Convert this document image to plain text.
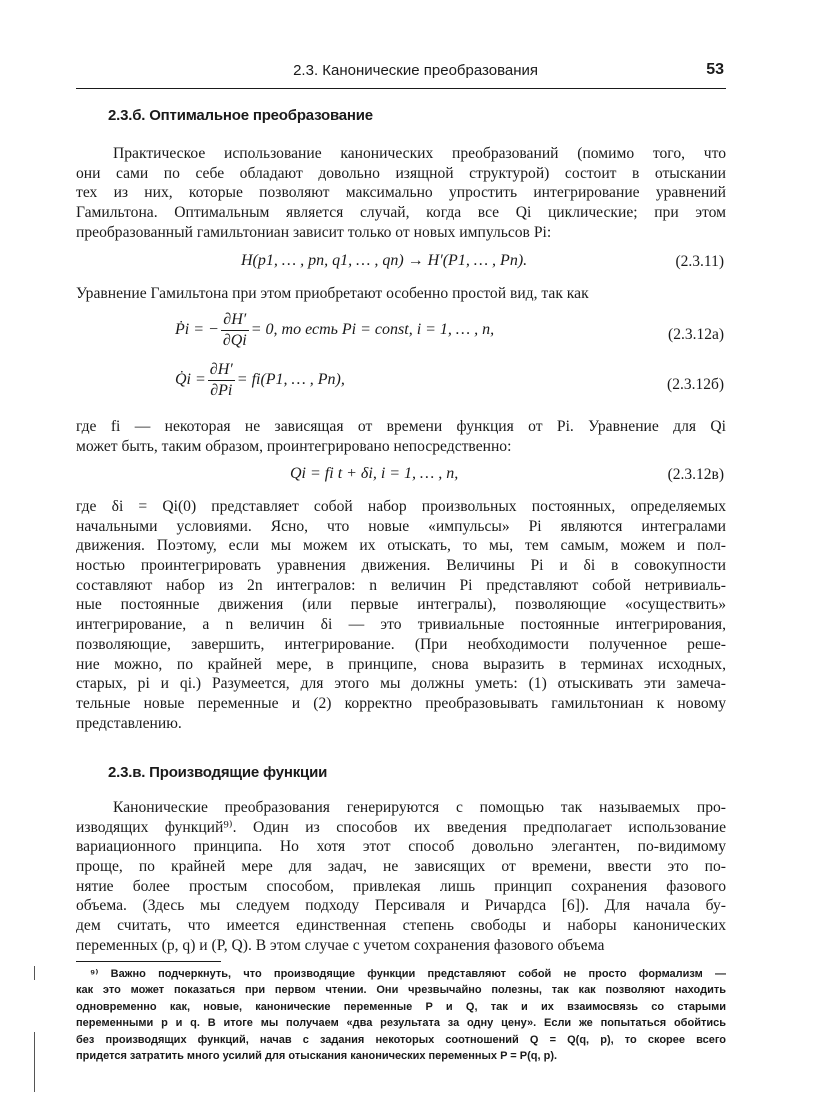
2.3. Канонические преобразования	53
2.3.б. Оптимальное преобразование
Практическое использование канонических преобразований (помимо того, что
они сами по себе обладают довольно изящной структурой) состоит в отыскании
тех из них, которые позволяют максимально упростить интегрирование уравнений
Гамильтона. Оптимальным является случай, когда все Qi циклические; при этом
преобразованный гамильтониан зависит только от новых импульсов Pi:
H(p1, … , pn, q1, … , qn) → H′(P1, … , Pn).	(2.3.11)
Уравнение Гамильтона при этом приобретают особенно простой вид, так как
Ṗi = − $\frac{\partial H'}{\partial Qi} = 0$, то есть Pi = const, i = 1, … , n,	(2.3.12а)
Q̇i = $\frac{\partial H'}{\partial Pi} = fi(P1$, … , Pn),	(2.3.12б)
где fi — некоторая не зависящая от времени функция от Pi. Уравнение для Qi
может быть, таким образом, проинтегрировано непосредственно:
Qi = fi t + δi, i = 1, … , n,	(2.3.12в)
где δi = Qi(0) представляет собой набор произвольных постоянных, определяемых
начальными условиями. Ясно, что новые «импульсы» Pi являются интегралами
движения. Поэтому, если мы можем их отыскать, то мы, тем самым, можем и пол-
ностью проинтегрировать уравнения движения. Величины Pi и δi в совокупности
составляют набор из 2n интегралов: n величин Pi представляют собой нетривиаль-
ные постоянные движения (или первые интегралы), позволяющие «осуществить»
интегрирование, а n величин δi — это тривиальные постоянные интегрирования,
позволяющие, завершить, интегрирование. (При необходимости полученное реше-
ние можно, по крайней мере, в принципе, снова выразить в терминах исходных,
старых, pi и qi.) Разумеется, для этого мы должны уметь: (1) отыскивать эти замеча-
тельные новые переменные и (2) корректно преобразовывать гамильтониан к новому
представлению.
2.3.в. Производящие функции
Канонические преобразования генерируются с помощью так называемых про-
изводящих функций⁹⁾. Один из способов их введения предполагает использование
вариационного принципа. Но хотя этот способ довольно элегантен, по-видимому
проще, по крайней мере для задач, не зависящих от времени, ввести это по-
нятие более простым способом, привлекая лишь принцип сохранения фазового
объема. (Здесь мы следуем подходу Персиваля и Ричардса [6]). Для начала бу-
дем считать, что имеется единственная степень свободы и наборы канонических
переменных (p, q) и (P, Q). В этом случае с учетом сохранения фазового объема
⁹⁾ Важно подчеркнуть, что производящие функции представляют собой не просто формализм —
как это может показаться при первом чтении. Они чрезвычайно полезны, так как позволяют находить
одновременно как, новые, канонические переменные P и Q, так и их взаимосвязь со старыми
переменными p и q. В итоге мы получаем «два результата за одну цену». Если же попытаться обойтись
без производящих функций, начав с задания некоторых соотношений Q = Q(q, p), то скорее всего
придется затратить много усилий для отыскания канонических переменных P = P(q, p).
